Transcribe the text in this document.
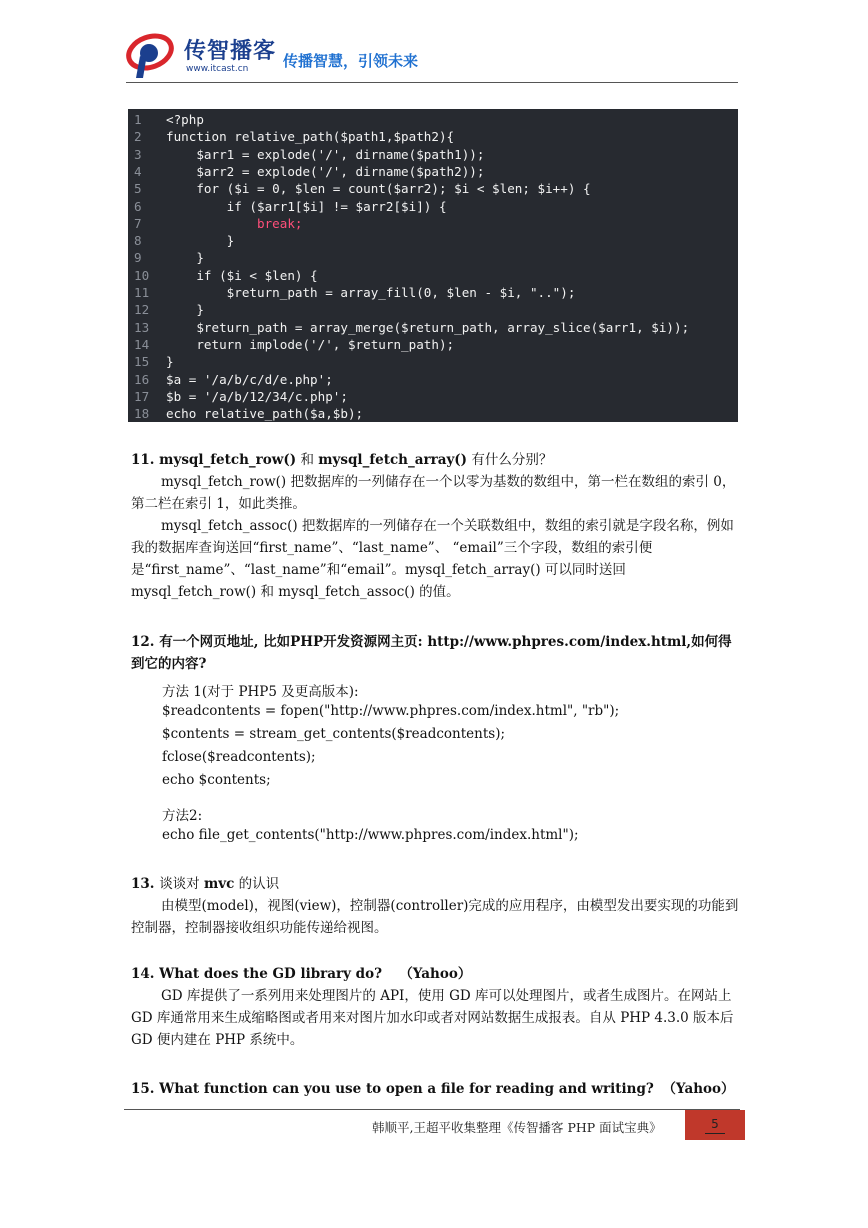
传智播客
www.itcast.cn 传播智慧，引领未来
1	<?php
2	function relative_path($path1,$path2){
3	$arr1 = explode('/', dirname($path1));
4	$arr2 = explode('/', dirname($path2));
5	for ($i = 0, $len = count($arr2); $i < $len; $i++) {
6	if ($arr1[$i] != $arr2[$i]) {
7	break;
8	}
9	}
10 if ($i < $len) {
11 $return_path = array_fill(0, $len - $i, "..");
12 }
13 $return_path = array_merge($return_path, array_slice($arr1, $i));
14 return implode('/', $return_path);
15 }
16 $a = '/a/b/c/d/e.php';
17 $b = '/a/b/12/34/c.php';
18 echo relative_path($a,$b);
11. mysql_fetch_row() 和 mysql_fetch_array() 有什么分别？
mysql_fetch_row() 把数据库的一列储存在一个以零为基数的数组中，第一栏在数组的索引 0，第二栏在索引 1，如此类推。
mysql_fetch_assoc() 把数据库的一列储存在一个关联数组中，数组的索引就是字段名称，例如我的数据库查询送回“first_name”、“last_name”、 “email”三个字段，数组的索引便是“first_name”、“last_name”和“email”。mysql_fetch_array() 可以同时送回 mysql_fetch_row() 和 mysql_fetch_assoc() 的值。
12. 有一个网页地址, 比如PHP开发资源网主页: http://www.phpres.com/index.html,如何得到它的内容?
方法 1(对于 PHP5 及更高版本):
$readcontents = fopen("http://www.phpres.com/index.html", "rb");
$contents = stream_get_contents($readcontents);
fclose($readcontents);
echo $contents;
方法2:
echo file_get_contents("http://www.phpres.com/index.html");
13. 谈谈对 mvc 的认识
由模型(model)，视图(view)，控制器(controller)完成的应用程序，由模型发出要实现的功能到控制器，控制器接收组织功能传递给视图。
14. What does the GD library do? （Yahoo）
GD 库提供了一系列用来处理图片的 API，使用 GD 库可以处理图片，或者生成图片。在网站上 GD 库通常用来生成缩略图或者用来对图片加水印或者对网站数据生成报表。自从 PHP 4.3.0 版本后 GD 便内建在 PHP 系统中。
15. What function can you use to open a file for reading and writing? （Yahoo）
韩顺平,王超平收集整理《传智播客 PHP 面试宝典》	5
